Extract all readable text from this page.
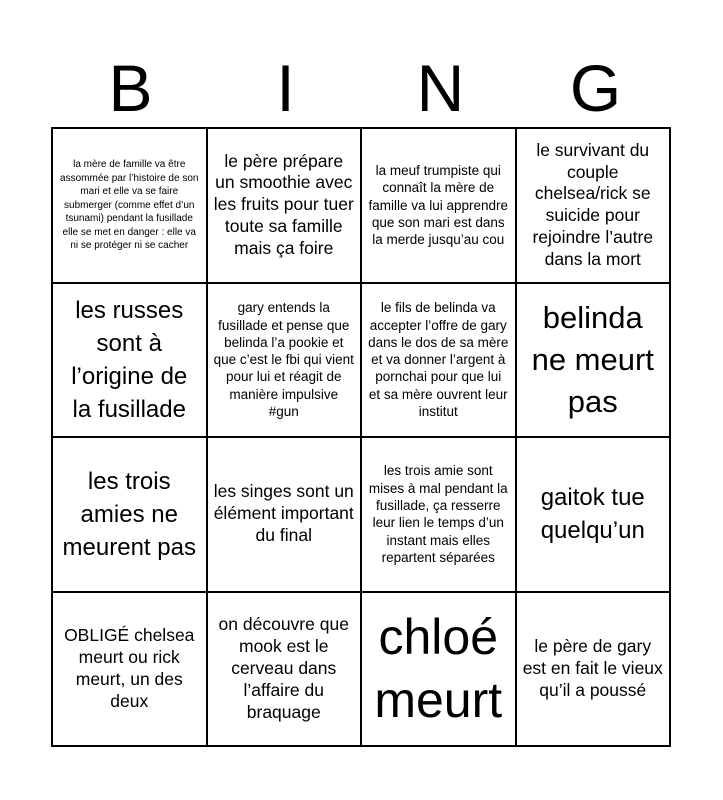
B	I	N	G
la mère de famille va être assommée par l’histoire de son mari et elle va se faire submerger (comme effet d’un tsunami) pendant la fusillade elle se met en danger : elle va ni se protéger ni se cacher
le père prépare un smoothie avec les fruits pour tuer toute sa famille mais ça foire
la meuf trumpiste qui connaît la mère de famille va lui apprendre que son mari est dans la merde jusqu’au cou
le survivant du couple chelsea/rick se suicide pour rejoindre l’autre dans la mort
les russes sont à l’origine de la fusillade
gary entends la fusillade et pense que belinda l’a pookie et que c’est le fbi qui vient pour lui et réagit de manière impulsive #gun
le fils de belinda va accepter l’offre de gary dans le dos de sa mère et va donner l’argent à pornchai pour que lui et sa mère ouvrent leur institut
belinda ne meurt pas
les trois amies ne meurent pas
les singes sont un élément important du final
les trois amie sont mises à mal pendant la fusillade, ça resserre leur lien le temps d’un instant mais elles repartent séparées
gaitok tue quelqu’un
OBLIGÉ chelsea meurt ou rick meurt, un des deux
on découvre que mook est le cerveau dans l’affaire du braquage
chloé meurt
le père de gary est en fait le vieux qu’il a poussé
